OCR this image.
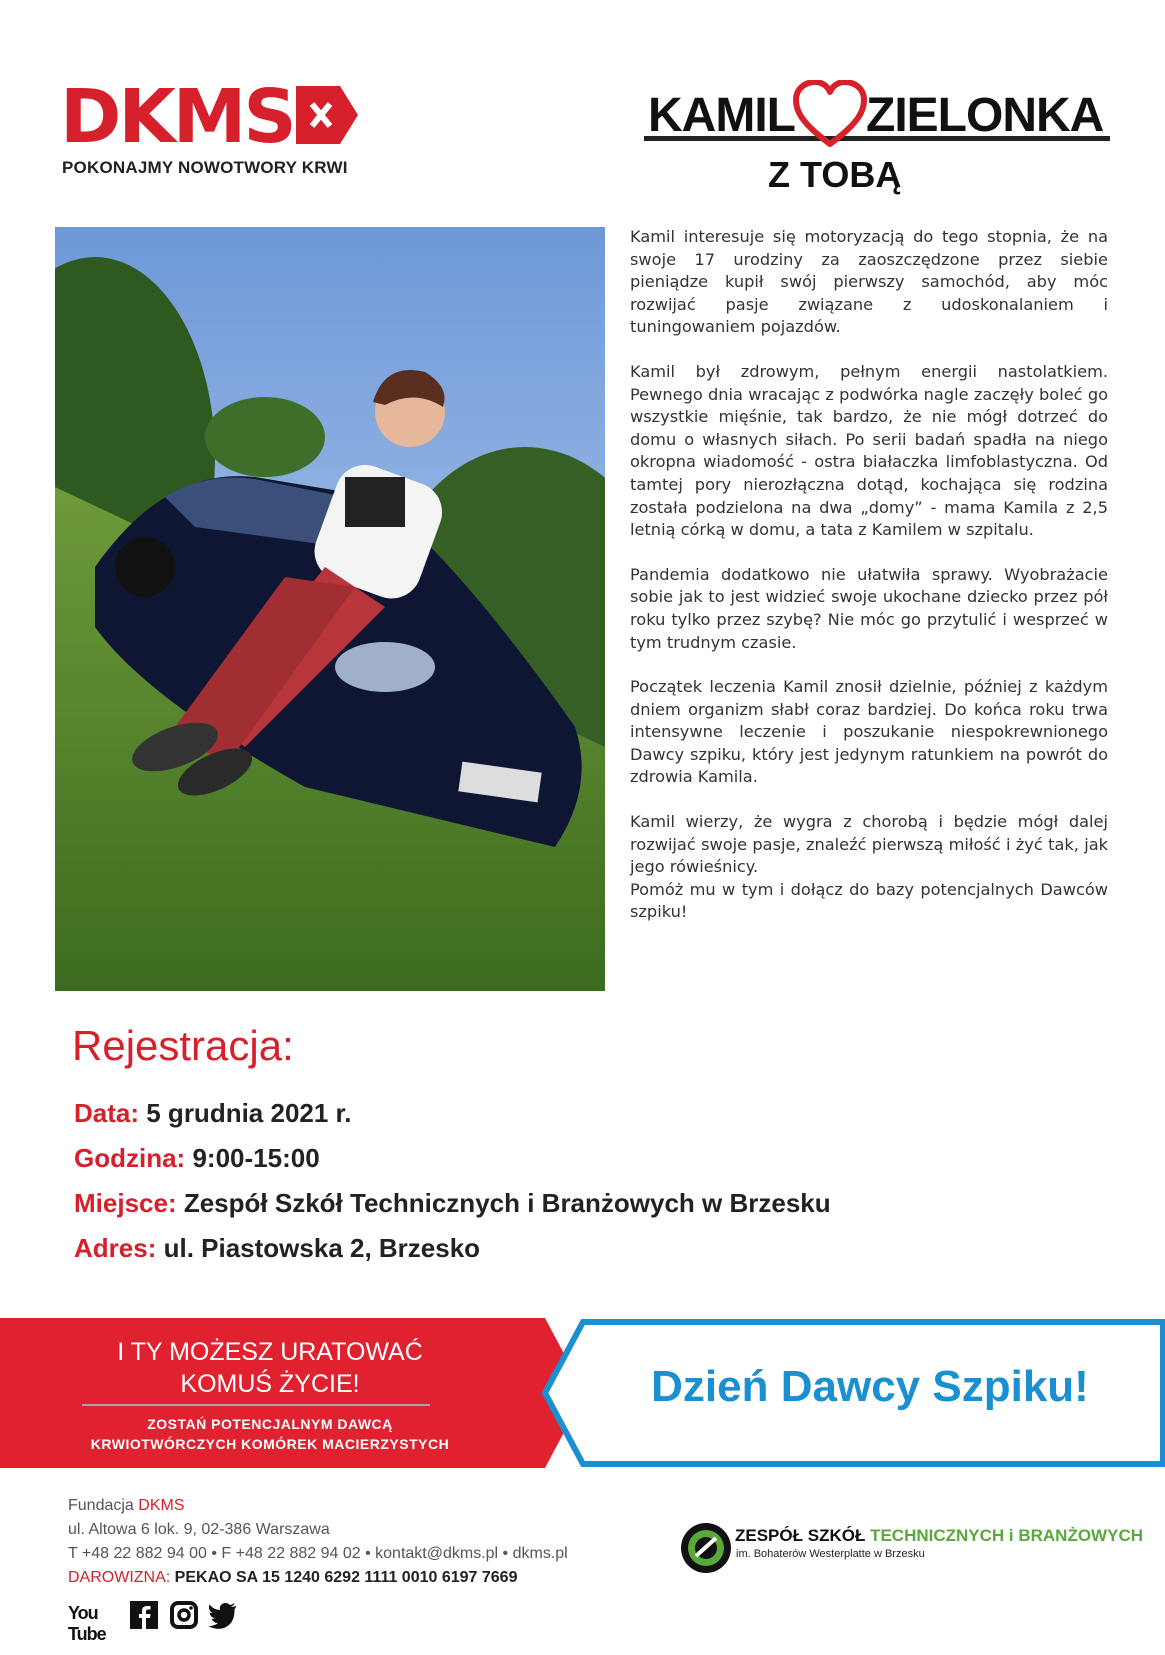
DKMS
POKONAJMY NOWOTWORY KRWI
KAMIL ZIELONKA
Z TOBĄ

Kamil interesuje się motoryzacją do tego stopnia, że na swoje 17 urodziny za zaoszczędzone przez siebie pieniądze kupił swój pierwszy samochód, aby móc rozwijać pasje związane z udoskonalaniem i tuningowaniem pojazdów.

Kamil był zdrowym, pełnym energii nastolatkiem. Pewnego dnia wracając z podwórka nagle zaczęły boleć go wszystkie mięśnie, tak bardzo, że nie mógł dotrzeć do domu o własnych siłach. Po serii badań spadła na niego okropna wiadomość - ostra białaczka limfoblastyczna. Od tamtej pory nierozłączna dotąd, kochająca się rodzina została podzielona na dwa „domy” - mama Kamila z 2,5 letnią córką w domu, a tata z Kamilem w szpitalu.

Pandemia dodatkowo nie ułatwiła sprawy. Wyobrażacie sobie jak to jest widzieć swoje ukochane dziecko przez pół roku tylko przez szybę? Nie móc go przytulić i wesprzeć w tym trudnym czasie.

Początek leczenia Kamil znosił dzielnie, później z każdym dniem organizm słabł coraz bardziej. Do końca roku trwa intensywne leczenie i poszukanie niespokrewnionego Dawcy szpiku, który jest jedynym ratunkiem na powrót do zdrowia Kamila.

Kamil wierzy, że wygra z chorobą i będzie mógł dalej rozwijać swoje pasje, znaleźć pierwszą miłość i żyć tak, jak jego rówieśnicy.

Pomóż mu w tym i dołącz do bazy potencjalnych Dawców szpiku!

Rejestracja:
Data: 5 grudnia 2021 r.
Godzina: 9:00-15:00
Miejsce: Zespół Szkół Technicznych i Branżowych w Brzesku
Adres: ul. Piastowska 2, Brzesko
I TY MOŻESZ URATOWAĆ
KOMUŚ ŻYCIE!
ZOSTAŃ POTENCJALNYM DAWCĄ
KRWIOTWÓRCZYCH KOMÓREK MACIERZYSTYCH
Dzień Dawcy Szpiku!
Fundacja DKMS
ul. Altowa 6 lok. 9, 02-386 Warszawa
T +48 22 882 94 00 • F +48 22 882 94 02 • kontakt@dkms.pl • dkms.pl
DAROWIZNA: PEKAO SA 15 1240 6292 1111 0010 6197 7669
You Tube
ZESPÓŁ SZKÓŁ TECHNICZNYCH i BRANŻOWYCH
im. Bohaterów Westerplatte w Brzesku
